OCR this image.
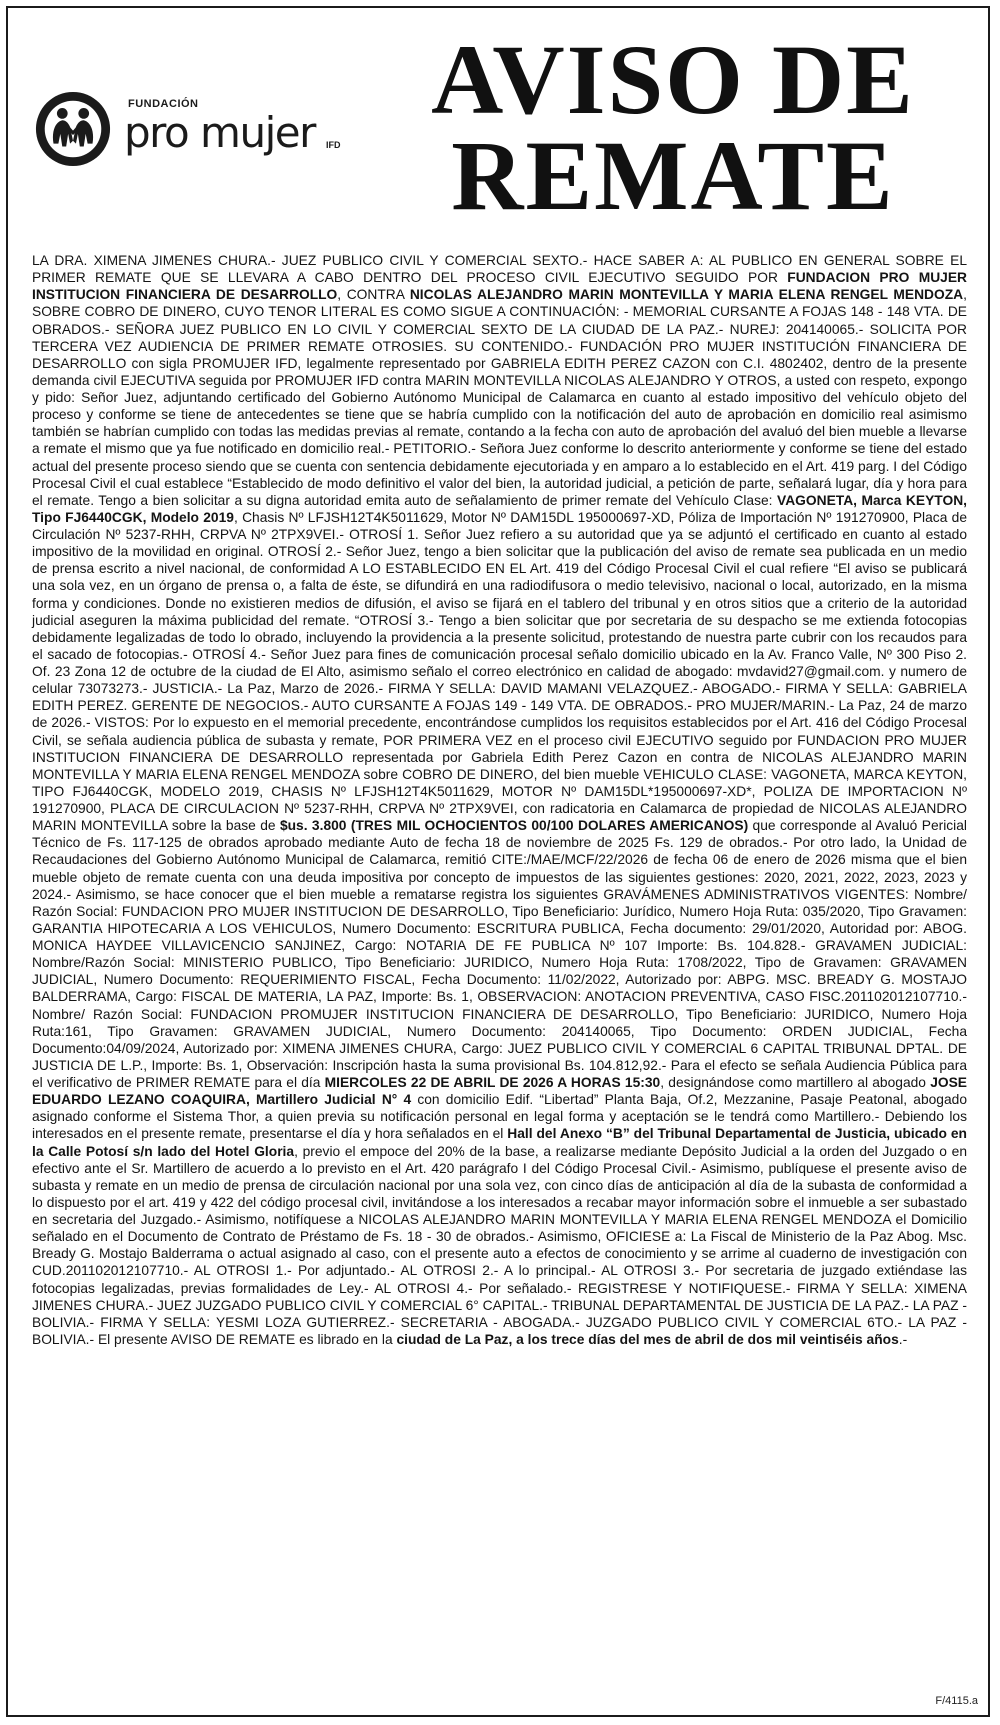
FUNDACIÓN
pro mujer IFD
AVISO DE
REMATE
LA DRA. XIMENA JIMENES CHURA.- JUEZ PUBLICO CIVIL Y COMERCIAL SEXTO.- HACE SABER A: AL PUBLICO EN GENERAL SOBRE EL PRIMER REMATE QUE SE LLEVARA A CABO DENTRO DEL PROCESO CIVIL EJECUTIVO SEGUIDO POR FUNDACION PRO MUJER INSTITUCION FINANCIERA DE DESARROLLO, CONTRA NICOLAS ALEJANDRO MARIN MONTEVILLA Y MARIA ELENA RENGEL MENDOZA, SOBRE COBRO DE DINERO, CUYO TENOR LITERAL ES COMO SIGUE A CONTINUACIÓN: - MEMORIAL CURSANTE A FOJAS 148 - 148 VTA. DE OBRADOS.- SEÑORA JUEZ PUBLICO EN LO CIVIL Y COMERCIAL SEXTO DE LA CIUDAD DE LA PAZ.- NUREJ: 204140065.- SOLICITA POR TERCERA VEZ AUDIENCIA DE PRIMER REMATE OTROSIES. SU CONTENIDO.- FUNDACIÓN PRO MUJER INSTITUCIÓN FINANCIERA DE DESARROLLO con sigla PROMUJER IFD, legalmente representado por GABRIELA EDITH PEREZ CAZON con C.I. 4802402, dentro de la presente demanda civil EJECUTIVA seguida por PROMUJER IFD contra MARIN MONTEVILLA NICOLAS ALEJANDRO Y OTROS, a usted con respeto, expongo y pido: Señor Juez, adjuntando certificado del Gobierno Autónomo Municipal de Calamarca en cuanto al estado impositivo del vehículo objeto del proceso y conforme se tiene de antecedentes se tiene que se habría cumplido con la notificación del auto de aprobación en domicilio real asimismo también se habrían cumplido con todas las medidas previas al remate, contando a la fecha con auto de aprobación del avaluó del bien mueble a llevarse a remate el mismo que ya fue notificado en domicilio real.- PETITORIO.- Señora Juez conforme lo descrito anteriormente y conforme se tiene del estado actual del presente proceso siendo que se cuenta con sentencia debidamente ejecutoriada y en amparo a lo establecido en el Art. 419 parg. I del Código Procesal Civil el cual establece “Establecido de modo definitivo el valor del bien, la autoridad judicial, a petición de parte, señalará lugar, día y hora para el remate. Tengo a bien solicitar a su digna autoridad emita auto de señalamiento de primer remate del Vehículo Clase: VAGONETA, Marca KEYTON, Tipo FJ6440CGK, Modelo 2019, Chasis Nº LFJSH12T4K5011629, Motor Nº DAM15DL 195000697-XD, Póliza de Importación Nº 191270900, Placa de Circulación Nº 5237-RHH, CRPVA Nº 2TPX9VEI.- OTROSÍ 1. Señor Juez refiero a su autoridad que ya se adjuntó el certificado en cuanto al estado impositivo de la movilidad en original. OTROSÍ 2.- Señor Juez, tengo a bien solicitar que la publicación del aviso de remate sea publicada en un medio de prensa escrito a nivel nacional, de conformidad A LO ESTABLECIDO EN EL Art. 419 del Código Procesal Civil el cual refiere “El aviso se publicará una sola vez, en un órgano de prensa o, a falta de éste, se difundirá en una radiodifusora o medio televisivo, nacional o local, autorizado, en la misma forma y condiciones. Donde no existieren medios de difusión, el aviso se fijará en el tablero del tribunal y en otros sitios que a criterio de la autoridad judicial aseguren la máxima publicidad del remate. “OTROSÍ 3.- Tengo a bien solicitar que por secretaria de su despacho se me extienda fotocopias debidamente legalizadas de todo lo obrado, incluyendo la providencia a la presente solicitud, protestando de nuestra parte cubrir con los recaudos para el sacado de fotocopias.- OTROSÍ 4.- Señor Juez para fines de comunicación procesal señalo domicilio ubicado en la Av. Franco Valle, Nº 300 Piso 2. Of. 23 Zona 12 de octubre de la ciudad de El Alto, asimismo señalo el correo electrónico en calidad de abogado: mvdavid27@gmail.com. y numero de celular 73073273.- JUSTICIA.- La Paz, Marzo de 2026.- FIRMA Y SELLA: DAVID MAMANI VELAZQUEZ.- ABOGADO.- FIRMA Y SELLA: GABRIELA EDITH PEREZ. GERENTE DE NEGOCIOS.- AUTO CURSANTE A FOJAS 149 - 149 VTA. DE OBRADOS.- PRO MUJER/MARIN.- La Paz, 24 de marzo de 2026.- VISTOS: Por lo expuesto en el memorial precedente, encontrándose cumplidos los requisitos establecidos por el Art. 416 del Código Procesal Civil, se señala audiencia pública de subasta y remate, POR PRIMERA VEZ en el proceso civil EJECUTIVO seguido por FUNDACION PRO MUJER INSTITUCION FINANCIERA DE DESARROLLO representada por Gabriela Edith Perez Cazon en contra de NICOLAS ALEJANDRO MARIN MONTEVILLA Y MARIA ELENA RENGEL MENDOZA sobre COBRO DE DINERO, del bien mueble VEHICULO CLASE: VAGONETA, MARCA KEYTON, TIPO FJ6440CGK, MODELO 2019, CHASIS Nº LFJSH12T4K5011629, MOTOR Nº DAM15DL*195000697-XD*, POLIZA DE IMPORTACION Nº 191270900, PLACA DE CIRCULACION Nº 5237-RHH, CRPVA Nº 2TPX9VEI, con radicatoria en Calamarca de propiedad de NICOLAS ALEJANDRO MARIN MONTEVILLA sobre la base de $us. 3.800 (TRES MIL OCHOCIENTOS 00/100 DOLARES AMERICANOS) que corresponde al Avaluó Pericial Técnico de Fs. 117-125 de obrados aprobado mediante Auto de fecha 18 de noviembre de 2025 Fs. 129 de obrados.- Por otro lado, la Unidad de Recaudaciones del Gobierno Autónomo Municipal de Calamarca, remitió CITE:/MAE/MCF/22/2026 de fecha 06 de enero de 2026 misma que el bien mueble objeto de remate cuenta con una deuda impositiva por concepto de impuestos de las siguientes gestiones: 2020, 2021, 2022, 2023, 2023 y 2024.- Asimismo, se hace conocer que el bien mueble a rematarse registra los siguientes GRAVÁMENES ADMINISTRATIVOS VIGENTES: Nombre/ Razón Social: FUNDACION PRO MUJER INSTITUCION DE DESARROLLO, Tipo Beneficiario: Jurídico, Numero Hoja Ruta: 035/2020, Tipo Gravamen: GARANTIA HIPOTECARIA A LOS VEHICULOS, Numero Documento: ESCRITURA PUBLICA, Fecha documento: 29/01/2020, Autoridad por: ABOG. MONICA HAYDEE VILLAVICENCIO SANJINEZ, Cargo: NOTARIA DE FE PUBLICA Nº 107 Importe: Bs. 104.828.- GRAVAMEN JUDICIAL: Nombre/Razón Social: MINISTERIO PUBLICO, Tipo Beneficiario: JURIDICO, Numero Hoja Ruta: 1708/2022, Tipo de Gravamen: GRAVAMEN JUDICIAL, Numero Documento: REQUERIMIENTO FISCAL, Fecha Documento: 11/02/2022, Autorizado por: ABPG. MSC. BREADY G. MOSTAJO BALDERRAMA, Cargo: FISCAL DE MATERIA, LA PAZ, Importe: Bs. 1, OBSERVACION: ANOTACION PREVENTIVA, CASO FISC.201102012107710.- Nombre/ Razón Social: FUNDACION PROMUJER INSTITUCION FINANCIERA DE DESARROLLO, Tipo Beneficiario: JURIDICO, Numero Hoja Ruta:161, Tipo Gravamen: GRAVAMEN JUDICIAL, Numero Documento: 204140065, Tipo Documento: ORDEN JUDICIAL, Fecha Documento:04/09/2024, Autorizado por: XIMENA JIMENES CHURA, Cargo: JUEZ PUBLICO CIVIL Y COMERCIAL 6 CAPITAL TRIBUNAL DPTAL. DE JUSTICIA DE L.P., Importe: Bs. 1, Observación: Inscripción hasta la suma provisional Bs. 104.812,92.- Para el efecto se señala Audiencia Pública para el verificativo de PRIMER REMATE para el día MIERCOLES 22 DE ABRIL DE 2026 A HORAS 15:30, designándose como martillero al abogado JOSE EDUARDO LEZANO COAQUIRA, Martillero Judicial N° 4 con domicilio Edif. “Libertad” Planta Baja, Of.2, Mezzanine, Pasaje Peatonal, abogado asignado conforme el Sistema Thor, a quien previa su notificación personal en legal forma y aceptación se le tendrá como Martillero.- Debiendo los interesados en el presente remate, presentarse el día y hora señalados en el Hall del Anexo “B” del Tribunal Departamental de Justicia, ubicado en la Calle Potosí s/n lado del Hotel Gloria, previo el empoce del 20% de la base, a realizarse mediante Depósito Judicial a la orden del Juzgado o en efectivo ante el Sr. Martillero de acuerdo a lo previsto en el Art. 420 parágrafo I del Código Procesal Civil.- Asimismo, publíquese el presente aviso de subasta y remate en un medio de prensa de circulación nacional por una sola vez, con cinco días de anticipación al día de la subasta de conformidad a lo dispuesto por el art. 419 y 422 del código procesal civil, invitándose a los interesados a recabar mayor información sobre el inmueble a ser subastado en secretaria del Juzgado.- Asimismo, notifíquese a NICOLAS ALEJANDRO MARIN MONTEVILLA Y MARIA ELENA RENGEL MENDOZA el Domicilio señalado en el Documento de Contrato de Préstamo de Fs. 18 - 30 de obrados.- Asimismo, OFICIESE a: La Fiscal de Ministerio de la Paz Abog. Msc. Bready G. Mostajo Balderrama o actual asignado al caso, con el presente auto a efectos de conocimiento y se arrime al cuaderno de investigación con CUD.201102012107710.- AL OTROSI 1.- Por adjuntado.- AL OTROSI 2.- A lo principal.- AL OTROSI 3.- Por secretaria de juzgado extiéndase las fotocopias legalizadas, previas formalidades de Ley.- AL OTROSI 4.- Por señalado.- REGISTRESE Y NOTIFIQUESE.- FIRMA Y SELLA: XIMENA JIMENES CHURA.- JUEZ JUZGADO PUBLICO CIVIL Y COMERCIAL 6° CAPITAL.- TRIBUNAL DEPARTAMENTAL DE JUSTICIA DE LA PAZ.- LA PAZ - BOLIVIA.- FIRMA Y SELLA: YESMI LOZA GUTIERREZ.- SECRETARIA - ABOGADA.- JUZGADO PUBLICO CIVIL Y COMERCIAL 6TO.- LA PAZ - BOLIVIA.- El presente AVISO DE REMATE es librado en la ciudad de La Paz, a los trece días del mes de abril de dos mil veintiséis años.-
F/4115.a
